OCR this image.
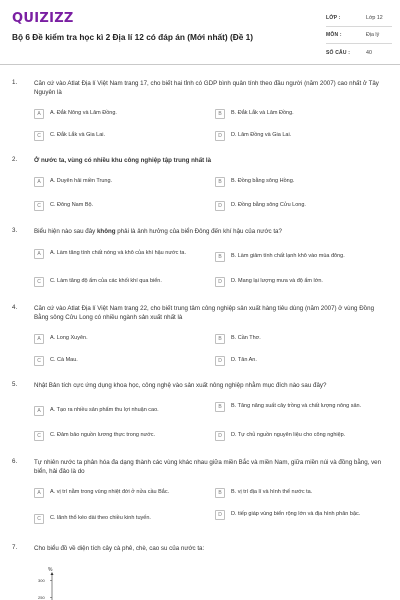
QUIZIZZ
Bộ 6 Đề kiểm tra học kì 2 Địa lí 12 có đáp án (Mới nhất) (Đề 1)
LỚP :	Lớp 12
MÔN :	Địa lý
SỐ CÂU :	40
1.	Căn cứ vào Atlat Địa lí Việt Nam trang 17, cho biết hai tỉnh có GDP bình quân tính theo đầu người (năm 2007) cao nhất ở Tây Nguyên là
A	A. Đắk Nông và Lâm Đồng.	B	B. Đắk Lắk và Lâm Đồng.
C	C. Đắk Lắk và Gia Lai.	D	D. Lâm Đồng và Gia Lai.
2.	Ở nước ta, vùng có nhiều khu công nghiệp tập trung nhất là
A	A. Duyên hải miền Trung.	B	B. Đồng bằng sông Hồng.
C	C. Đông Nam Bộ.	D	D. Đồng bằng sông Cửu Long.
3.	Biểu hiện nào sau đây không phải là ảnh hưởng của biển Đông đến khí hậu của nước ta?
A	A. Làm tăng tính chất nóng và khô của khí hậu nước ta.
B	B. Làm giảm tính chất lạnh khô vào mùa đông.
C	C. Làm tăng độ ẩm của các khối khí qua biển.	D	D. Mang lại lượng mưa và độ ẩm lớn.
4.	Căn cứ vào Atlat Địa lí Việt Nam trang 22, cho biết trung tâm công nghiệp sản xuất hàng tiêu dùng (năm 2007) ở vùng Đồng Bằng sông Cửu Long có nhiều ngành sản xuất nhất là
A	A. Long Xuyên.	B	B. Cần Thơ.
C	C. Cà Mau.	D	D. Tân An.
5.	Nhật Bản tích cực ứng dụng khoa học, công nghệ vào sản xuất nông nghiệp nhằm mục đích nào sau đây?
A	A. Tạo ra nhiều sản phẩm thu lợi nhuận cao.	B	B. Tăng năng suất cây trồng và chất lượng nông sản.
C	C. Đảm bảo nguồn lương thực trong nước.	D	D. Tự chủ nguồn nguyên liệu cho công nghiệp.
6.	Tự nhiên nước ta phân hóa đa dạng thành các vùng khác nhau giữa miền Bắc và miền Nam, giữa miền núi và đồng bằng, ven biển, hải đảo là do
A	A. vị trí nằm trong vùng nhiệt đới ở nửa cầu Bắc.	B	B. vị trí địa lí và hình thể nước ta.
C	C. lãnh thổ kéo dài theo chiều kinh tuyến.	D	D. tiếp giáp vùng biển rộng lớn và địa hình phân bậc.
7.	Cho biểu đồ về diện tích cây cà phê, chè, cao su của nước ta:
%
300
250
